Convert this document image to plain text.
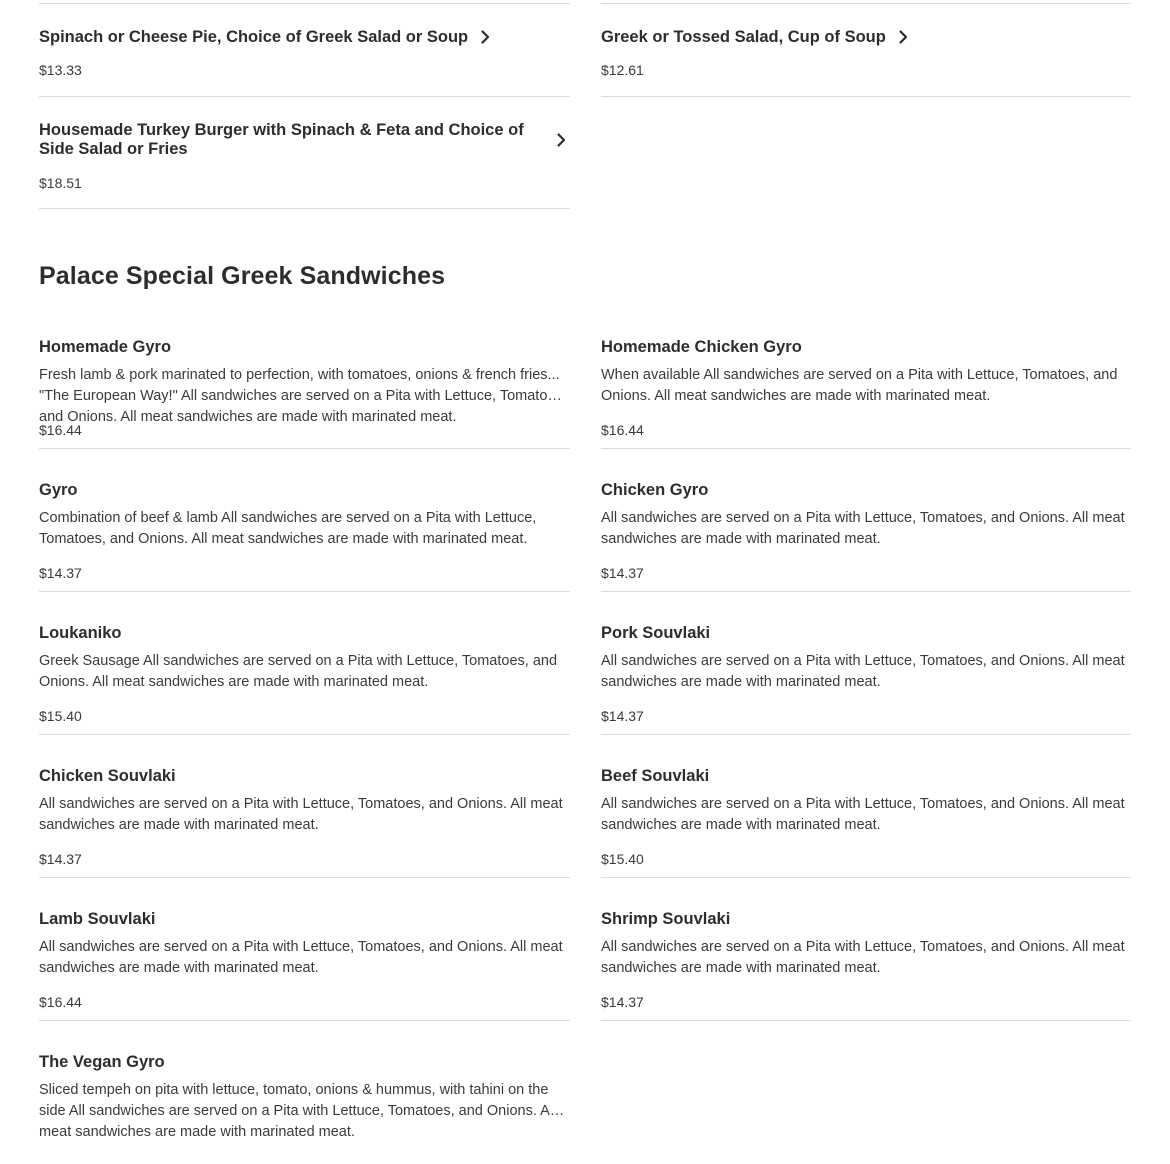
Spinach or Cheese Pie, Choice of Greek Salad or Soup
$13.33
Greek or Tossed Salad, Cup of Soup
$12.61
Housemade Turkey Burger with Spinach & Feta and Choice of Side Salad or Fries
$18.51
Palace Special Greek Sandwiches
Homemade Gyro
Fresh lamb & pork marinated to perfection, with tomatoes, onions & french fries... "The European Way!" All sandwiches are served on a Pita with Lettuce, Tomatoes, and Onions. All meat sandwiches are made with marinated meat.
$16.44
Homemade Chicken Gyro
When available All sandwiches are served on a Pita with Lettuce, Tomatoes, and Onions. All meat sandwiches are made with marinated meat.
$16.44
Gyro
Combination of beef & lamb All sandwiches are served on a Pita with Lettuce, Tomatoes, and Onions. All meat sandwiches are made with marinated meat.
$14.37
Chicken Gyro
All sandwiches are served on a Pita with Lettuce, Tomatoes, and Onions. All meat sandwiches are made with marinated meat.
$14.37
Loukaniko
Greek Sausage All sandwiches are served on a Pita with Lettuce, Tomatoes, and Onions. All meat sandwiches are made with marinated meat.
$15.40
Pork Souvlaki
All sandwiches are served on a Pita with Lettuce, Tomatoes, and Onions. All meat sandwiches are made with marinated meat.
$14.37
Chicken Souvlaki
All sandwiches are served on a Pita with Lettuce, Tomatoes, and Onions. All meat sandwiches are made with marinated meat.
$14.37
Beef Souvlaki
All sandwiches are served on a Pita with Lettuce, Tomatoes, and Onions. All meat sandwiches are made with marinated meat.
$15.40
Lamb Souvlaki
All sandwiches are served on a Pita with Lettuce, Tomatoes, and Onions. All meat sandwiches are made with marinated meat.
$16.44
Shrimp Souvlaki
All sandwiches are served on a Pita with Lettuce, Tomatoes, and Onions. All meat sandwiches are made with marinated meat.
$14.37
The Vegan Gyro
Sliced tempeh on pita with lettuce, tomato, onions & hummus, with tahini on the side All sandwiches are served on a Pita with Lettuce, Tomatoes, and Onions. All meat sandwiches are made with marinated meat.
